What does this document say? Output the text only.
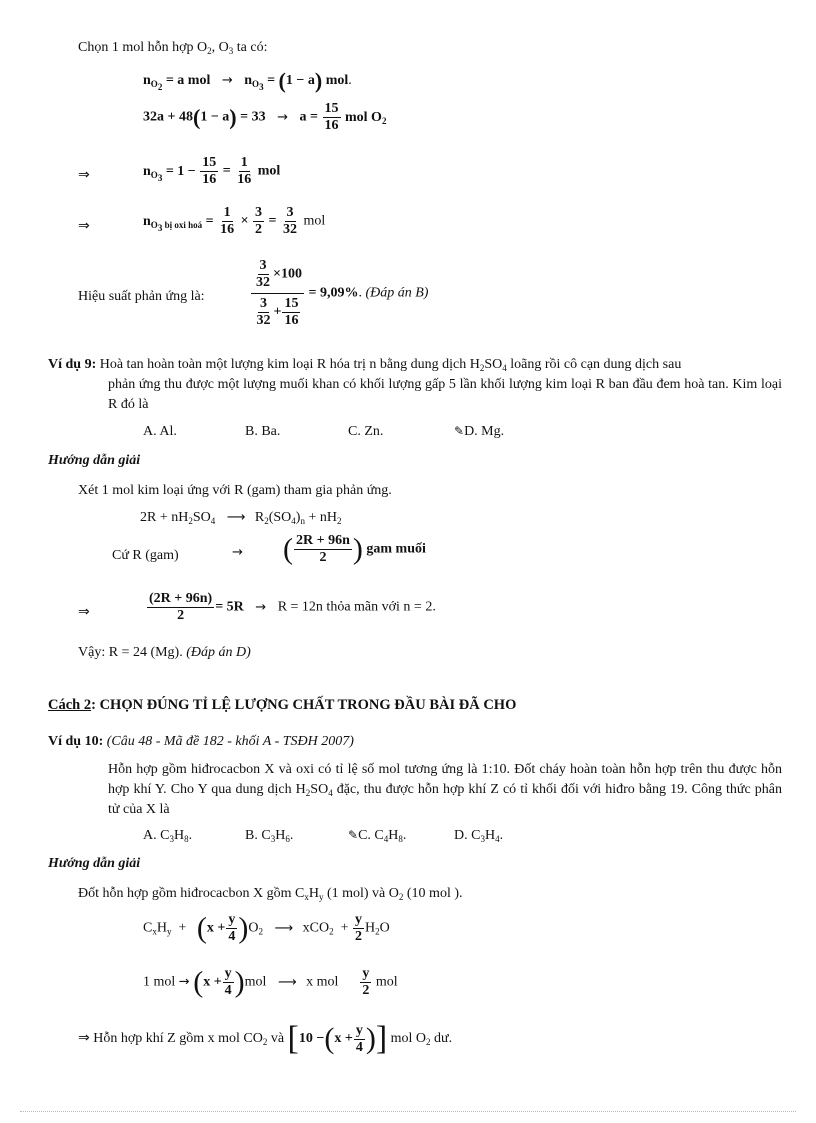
Chọn 1 mol hỗn hợp $O_2$, $O_3$ ta có:
$n_{O_2} = a$ mol → $n_{O_3} = (1 - a)$ mol.
$32a + 48(1 - a) = 33 \to a = \frac{15}{16}$ mol $O_2$
⇒	$n_{O_3} = 1 - \frac{15}{16} = \frac{1}{16}$ mol
⇒	$n_{O_3 bị oxi hoá} = \frac{1}{16} \times \frac{3}{2} = \frac{3}{32}$ mol
Hiệu suất phản ứng là:	$\frac{\frac{3}{32} \times 100}{\frac{3}{32} + \frac{15}{16}} = 9,09\%$. (Đáp án B)
Ví dụ 9: Hoà tan hoàn toàn một lượng kim loại R hóa trị n bằng dung dịch $H_2SO_4$ loãng rồi cô cạn dung dịch sau
phản ứng thu được một lượng muối khan có khối lượng gấp 5 lần khối lượng kim loại R ban đầu đem hoà tan. Kim loại R đó là
A. Al.	B. Ba.	C. Zn.	✎D. Mg.
Hướng dẫn giải
Xét 1 mol kim loại ứng với R (gam) tham gia phản ứng.
$2R + nH_2SO_4$ ⟶ $R_2(SO_4)_n + nH_2$
Cứ R (gam)	→ ( $\frac{2R + 96n}{2}$ ) gam muối
⇒	$\frac{(2R + 96n)}{2} = 5R \to R = 12n$ thỏa mãn với n = 2.
Vậy: R = 24 (Mg). (Đáp án D)
Cách 2: CHỌN ĐÚNG TỈ LỆ LƯỢNG CHẤT TRONG ĐẦU BÀI ĐÃ CHO
Ví dụ 10: (Câu 48 - Mã đề 182 - khối A - TSĐH 2007)
Hỗn hợp gồm hiđrocacbon X và oxi có tỉ lệ số mol tương ứng là 1:10. Đốt cháy hoàn toàn hỗn hợp trên thu được hỗn hợp khí Y. Cho Y qua dung dịch $H_2SO_4$ đặc, thu được hỗn hợp khí Z có tỉ khối đối với hiđro bằng 19. Công thức phân tử của X là
A. $C_3H_8$.	B. $C_3H_6$.	✎C. $C_4H_8$.	D. $C_3H_4$.
Hướng dẫn giải
Đốt hỗn hợp gồm hiđrocacbon X gồm $C_xH_y$ (1 mol) và $O_2$ (10 mol ).
$C_xH_y + (x + \frac{y}{4} )O_2$ ⟶ $xCO_2 + \frac{y}{2} H_2O$
1 mol → $(x + \frac{y}{4} )mol$ ⟶ x mol $\frac{y}{2}$ mol
⇒ Hỗn hợp khí Z gồm x mol $CO_2$ và [$10 -(x + \frac{y}{4}$ )] mol $O_2$ dư.
